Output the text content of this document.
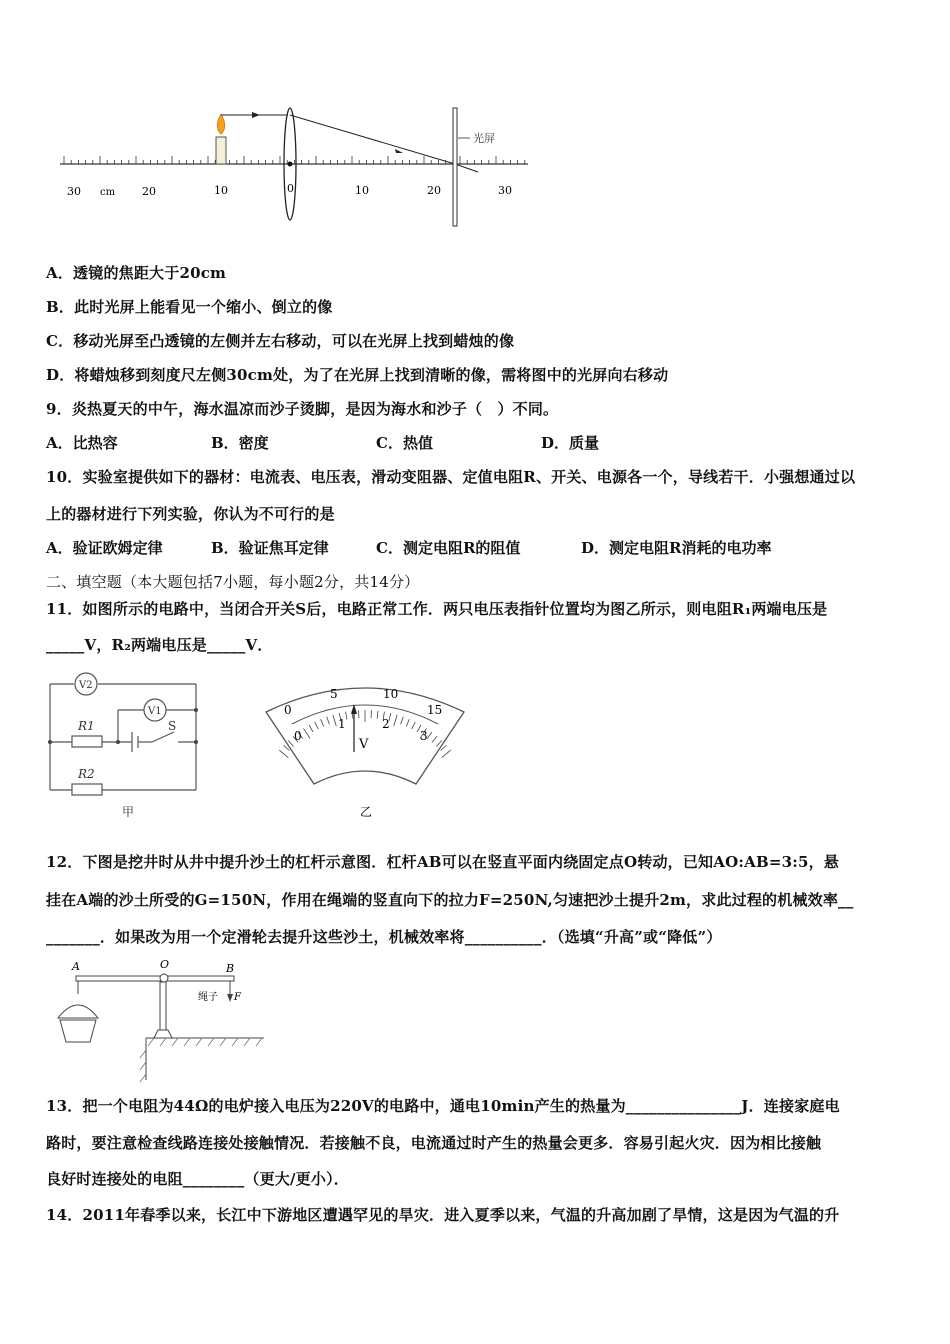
光屏
30 cm 20	10	0	10	20	30
A．透镜的焦距大于20cm
B．此时光屏上能看见一个缩小、倒立的像
C．移动光屏至凸透镜的左侧并左右移动，可以在光屏上找到蜡烛的像
D．将蜡烛移到刻度尺左侧30cm处，为了在光屏上找到清晰的像，需将图中的光屏向右移动
9．炎热夏天的中午，海水温凉而沙子烫脚，是因为海水和沙子（　）不同。
A．比热容	B．密度	C．热值	D．质量
10．实验室提供如下的器材：电流表、电压表，滑动变阻器、定值电阻R、开关、电源各一个，导线若干．小强想通过以
上的器材进行下列实验，你认为不可行的是
A．验证欧姆定律	B．验证焦耳定律	C．测定电阻R的阻值	D．测定电阻R消耗的电功率
二、填空题（本大题包括7小题，每小题2分，共14分）
11．如图所示的电路中，当闭合开关S后，电路正常工作．两只电压表指针位置均为图乙所示，则电阻R₁两端电压是
_____V，R₂两端电压是_____V．
V2
V1
R1
R2
S
甲
0
5	10
15
0
1	2
3
V
乙
12．下图是挖井时从井中提升沙土的杠杆示意图．杠杆AB可以在竖直平面内绕固定点O转动，已知AO:AB=3:5，悬
挂在A端的沙土所受的G=150N，作用在绳端的竖直向下的拉力F=250N,匀速把沙土提升2m，求此过程的机械效率__
_______．如果改为用一个定滑轮去提升这些沙土，机械效率将__________．（选填“升高”或“降低”）
A	O	B
绳子 F
13．把一个电阻为44Ω的电炉接入电压为220V的电路中，通电10min产生的热量为_______________J．连接家庭电
路时，要注意检查线路连接处接触情况．若接触不良，电流通过时产生的热量会更多．容易引起火灾．因为相比接触
良好时连接处的电阻________（更大/更小）．
14．2011年春季以来，长江中下游地区遭遇罕见的旱灾．进入夏季以来，气温的升高加剧了旱情，这是因为气温的升
